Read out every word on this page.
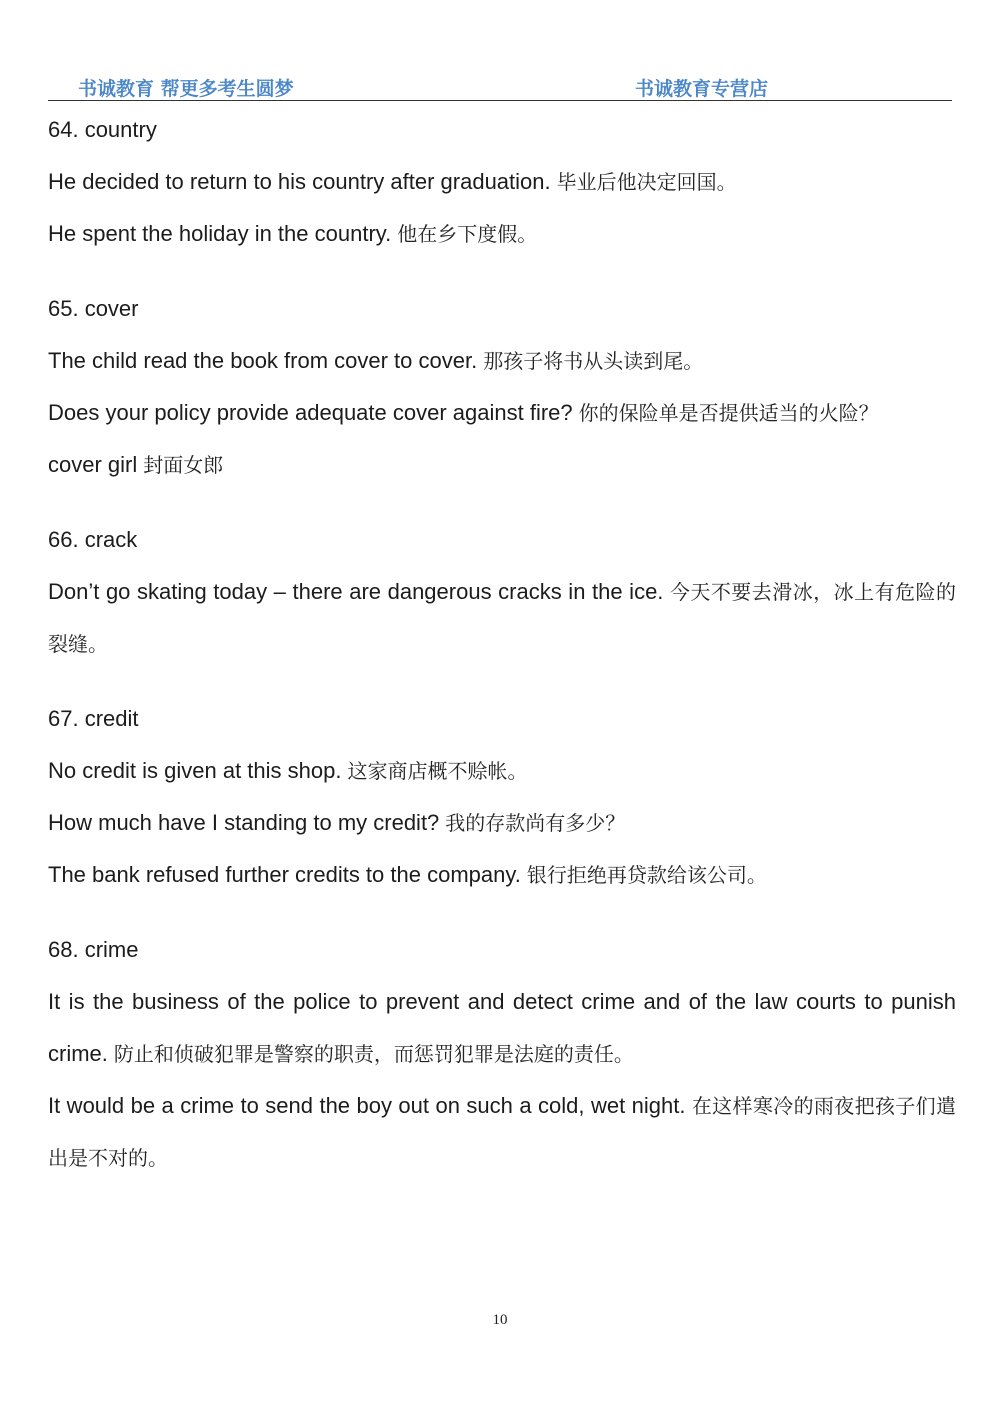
书诚教育 帮更多考生圆梦	书诚教育专营店

64. country

He decided to return to his country after graduation. 毕业后他决定回国。

He spent the holiday in the country. 他在乡下度假。

65. cover

The child read the book from cover to cover. 那孩子将书从头读到尾。

Does your policy provide adequate cover against fire? 你的保险单是否提供适当的火险？

cover girl 封面女郎

66. crack

Don’t go skating today – there are dangerous cracks in the ice. 今天不要去滑冰，冰上有危险的裂缝。

67. credit

No credit is given at this shop. 这家商店概不赊帐。

How much have I standing to my credit? 我的存款尚有多少？

The bank refused further credits to the company. 银行拒绝再贷款给该公司。

68. crime

It is the business of the police to prevent and detect crime and of the law courts to punish crime. 防止和侦破犯罪是警察的职责，而惩罚犯罪是法庭的责任。

It would be a crime to send the boy out on such a cold, wet night. 在这样寒冷的雨夜把孩子们遣出是不对的。

10
